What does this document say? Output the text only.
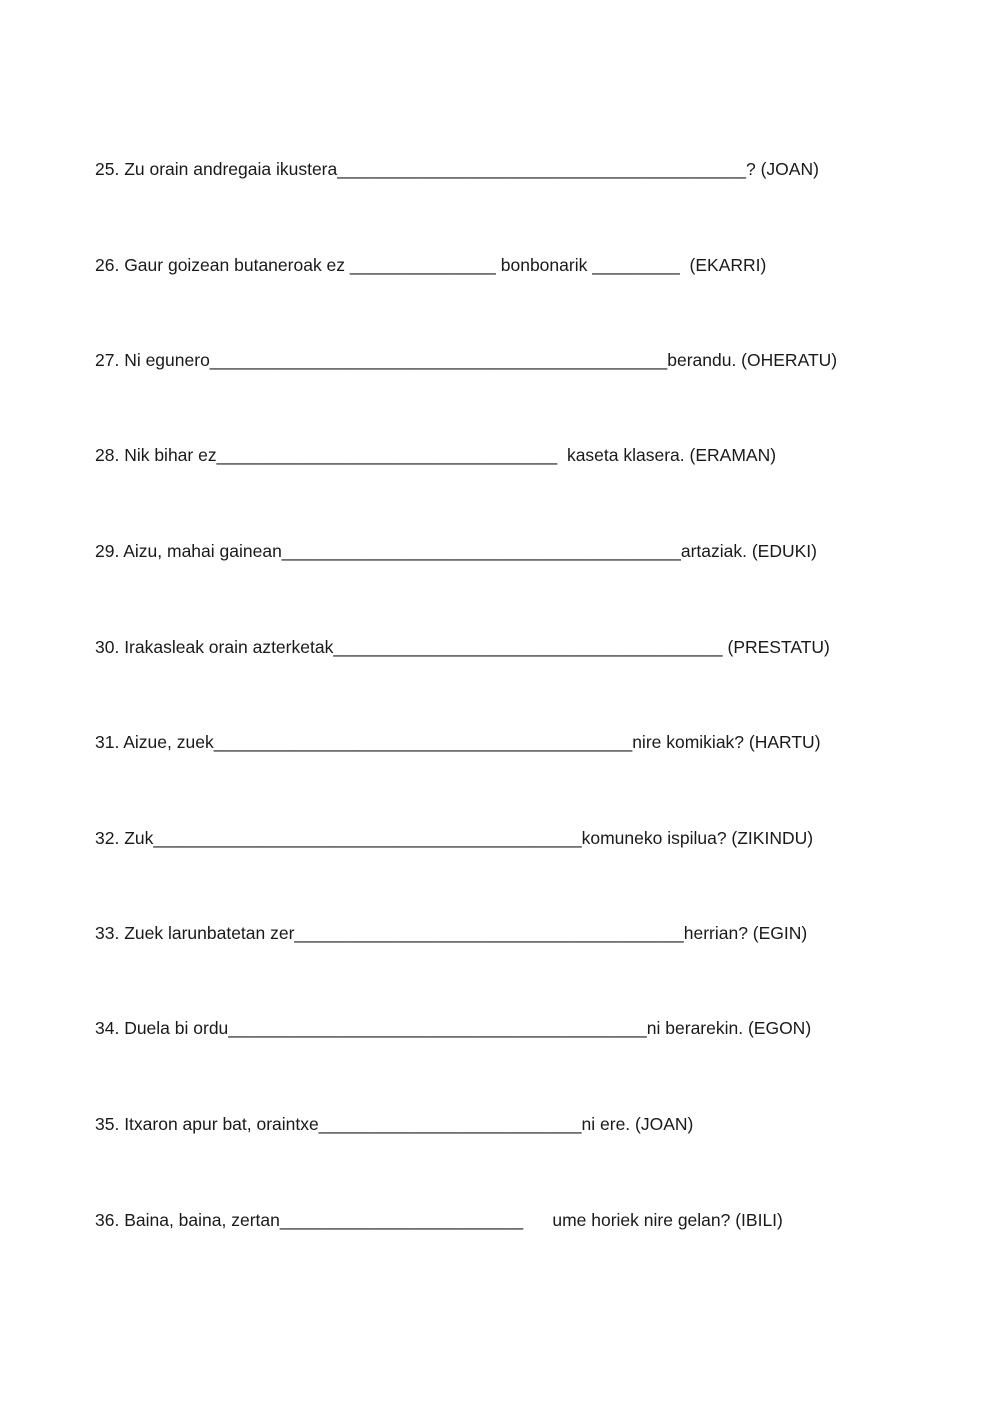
25. Zu orain andregaia ikustera__________________________________________? (JOAN)
26. Gaur goizean butaneroak ez _______________ bonbonarik _________  (EKARRI)
27. Ni egunero_______________________________________________berandu. (OHERATU)
28. Nik bihar ez___________________________________  kaseta klasera. (ERAMAN)
29. Aizu, mahai gainean_________________________________________artaziak. (EDUKI)
30. Irakasleak orain azterketak________________________________________ (PRESTATU)
31. Aizue, zuek___________________________________________nire komikiak? (HARTU)
32. Zuk____________________________________________komuneko ispilua? (ZIKINDU)
33. Zuek larunbatetan zer________________________________________herrian? (EGIN)
34. Duela bi ordu___________________________________________ni berarekin. (EGON)
35. Itxaron apur bat, oraintxe___________________________ni ere. (JOAN)
36. Baina, baina, zertan_________________________      ume horiek nire gelan? (IBILI)
